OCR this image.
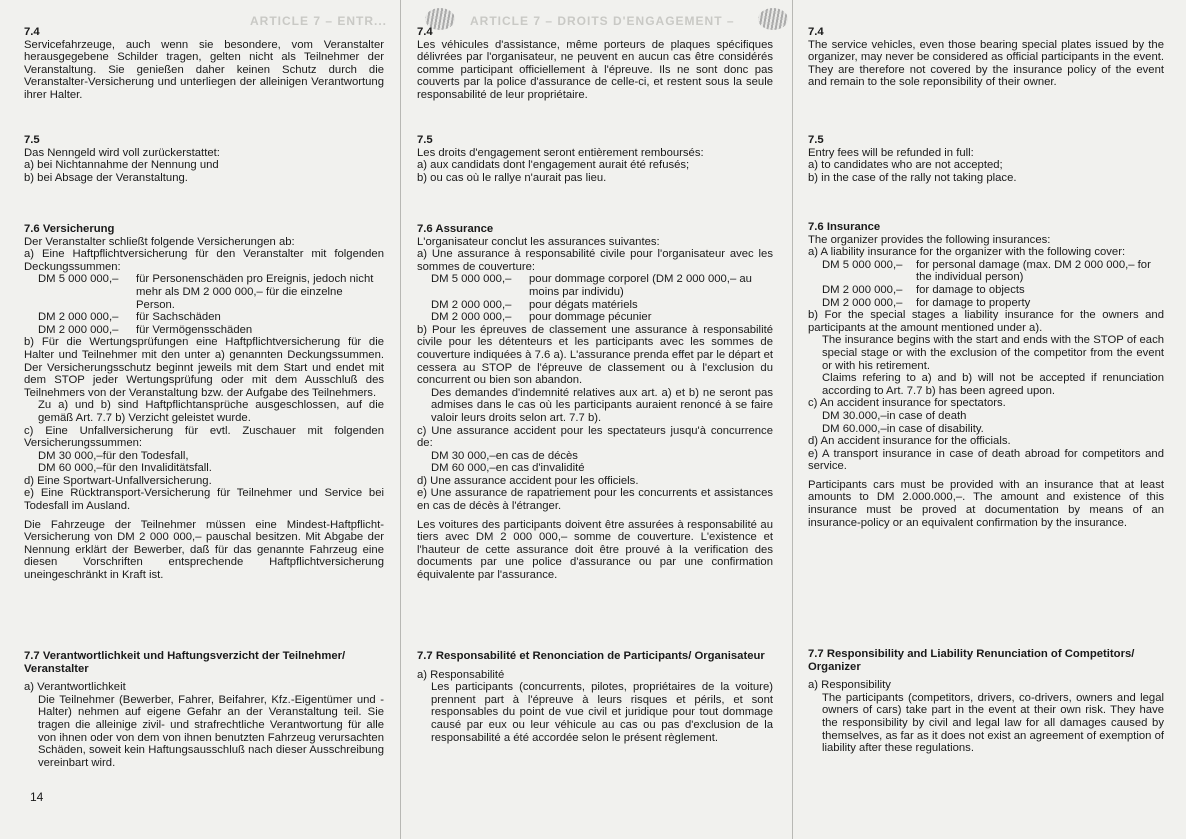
ARTICLE 7 – DROITS D'ENGAGEMENT –
ARTICLE 7 – ENTR...
7.4
Servicefahrzeuge, auch wenn sie besondere, vom Veranstalter herausgegebene Schilder tragen, gelten nicht als Teilnehmer der Veranstaltung. Sie genießen daher keinen Schutz durch die Veranstalter-Versicherung und unterliegen der alleinigen Verantwortung ihrer Halter.
7.5
Das Nenngeld wird voll zurückerstattet:
a) bei Nichtannahme der Nennung und
b) bei Absage der Veranstaltung.
7.6 Versicherung
Der Veranstalter schließt folgende Versicherungen ab:
a) Eine Haftpflichtversicherung für den Veranstalter mit folgenden Deckungssummen:
DM 5 000 000,–	für Personenschäden pro Ereignis, jedoch nicht mehr als DM 2 000 000,– für die einzelne Person.
DM 2 000 000,–	für Sachschäden
DM 2 000 000,–	für Vermögensschäden
b) Für die Wertungsprüfungen eine Haftpflichtversicherung für die Halter und Teilnehmer mit den unter a) genannten Deckungssummen. Der Versicherungsschutz beginnt jeweils mit dem Start und endet mit dem STOP jeder Wertungsprüfung oder mit dem Ausschluß des Teilnehmers von der Veranstaltung bzw. der Aufgabe des Teilnehmers.
Zu a) und b) sind Haftpflichtansprüche ausgeschlossen, auf die gemäß Art. 7.7 b) Verzicht geleistet wurde.
c) Eine Unfallversicherung für evtl. Zuschauer mit folgenden Versicherungssummen:
DM 30 000,– für den Todesfall,
DM 60 000,– für den Invaliditätsfall.
d) Eine Sportwart-Unfallversicherung.
e) Eine Rücktransport-Versicherung für Teilnehmer und Service bei Todesfall im Ausland.
Die Fahrzeuge der Teilnehmer müssen eine Mindest-Haftpflicht-Versicherung von DM 2 000 000,– pauschal besitzen. Mit Abgabe der Nennung erklärt der Bewerber, daß für das genannte Fahrzeug eine diesen Vorschriften entsprechende Haftpflichtversicherung uneingeschränkt in Kraft ist.
7.7 Verantwortlichkeit und Haftungsverzicht der Teilnehmer/ Veranstalter
a) Verantwortlichkeit
Die Teilnehmer (Bewerber, Fahrer, Beifahrer, Kfz.-Eigentümer und -Halter) nehmen auf eigene Gefahr an der Veranstaltung teil. Sie tragen die alleinige zivil- und strafrechtliche Verantwortung für alle von ihnen oder von dem von ihnen benutzten Fahrzeug verursachten Schäden, soweit kein Haftungsausschluß nach dieser Ausschreibung vereinbart wird.
7.4
Les véhicules d'assistance, même porteurs de plaques spécifiques délivrées par l'organisateur, ne peuvent en aucun cas être considérés comme participant officiellement à l'épreuve. Ils ne sont donc pas couverts par la police d'assurance de celle-ci, et restent sous la seule responsabilité de leur propriétaire.
7.5
Les droits d'engagement seront entièrement remboursés:
a) aux candidats dont l'engagement aurait été refusés;
b) ou cas où le rallye n'aurait pas lieu.
7.6 Assurance
L'organisateur conclut les assurances suivantes:
a) Une assurance à responsabilité civile pour l'organisateur avec les sommes de couverture:
DM 5 000 000,–	pour dommage corporel (DM 2 000 000,– au moins par individu)
DM 2 000 000,–	pour dégats matériels
DM 2 000 000,–	pour dommage pécunier
b) Pour les épreuves de classement une assurance à responsabilité civile pour les détenteurs et les participants avec les sommes de couverture indiquées à 7.6 a). L'assurance prenda effet par le départ et cessera au STOP de l'épreuve de classement ou à l'exclusion du concurrent ou bien son abandon.
Des demandes d'indemnité relatives aux art. a) et b) ne seront pas admises dans le cas où les participants auraient renoncé à se faire valoir leurs droits selon art. 7.7 b).
c) Une assurance accident pour les spectateurs jusqu'à concurrence de:
DM 30 000,– en cas de décès
DM 60 000,– en cas d'invalidité
d) Une assurance accident pour les officiels.
e) Une assurance de rapatriement pour les concurrents et assistances en cas de décès à l'étranger.
Les voitures des participants doivent être assurées à responsabilité au tiers avec DM 2 000 000,– somme de couverture. L'existence et l'hauteur de cette assurance doit être prouvé à la verification des documents par une police d'assurance ou par une confirmation équivalente par l'assurance.
7.7 Responsabilité et Renonciation de Participants/ Organisateur
a) Responsabilité
Les participants (concurrents, pilotes, propriétaires de la voiture) prennent part à l'épreuve à leurs risques et périls, et sont responsables du point de vue civil et juridique pour tout dommage causé par eux ou leur véhicule au cas ou pas d'exclusion de la responsabilité a été accordée selon le présent règlement.
7.4
The service vehicles, even those bearing special plates issued by the organizer, may never be considered as official participants in the event. They are therefore not covered by the insurance policy of the event and remain to the sole reponsibility of their owner.
7.5
Entry fees will be refunded in full:
a) to candidates who are not accepted;
b) in the case of the rally not taking place.
7.6 Insurance
The organizer provides the following insurances:
a) A liability insurance for the organizer with the following cover:
DM 5 000 000,–	for personal damage (max. DM 2 000 000,– for the individual person)
DM 2 000 000,–	for damage to objects
DM 2 000 000,–	for damage to property
b) For the special stages a liability insurance for the owners and participants at the amount mentioned under a).
The insurance begins with the start and ends with the STOP of each special stage or with the exclusion of the competitor from the event or with his retirement.
Claims refering to a) and b) will not be accepted if renunciation according to Art. 7.7 b) has been agreed upon.
c) An accident insurance for spectators.
DM 30.000,– in case of death
DM 60.000,– in case of disability.
d) An accident insurance for the officials.
e) A transport insurance in case of death abroad for competitors and service.
Participants cars must be provided with an insurance that at least amounts to DM 2.000.000,–. The amount and existence of this insurance must be proved at documentation by means of an insurance-policy or an equivalent confirmation by the insurance.
7.7 Responsibility and Liability Renunciation of Competitors/ Organizer
a) Responsibility
The participants (competitors, drivers, co-drivers, owners and legal owners of cars) take part in the event at their own risk. They have the responsibility by civil and legal law for all damages caused by themselves, as far as it does not exist an agreement of exemption of liability after these regulations.
14
